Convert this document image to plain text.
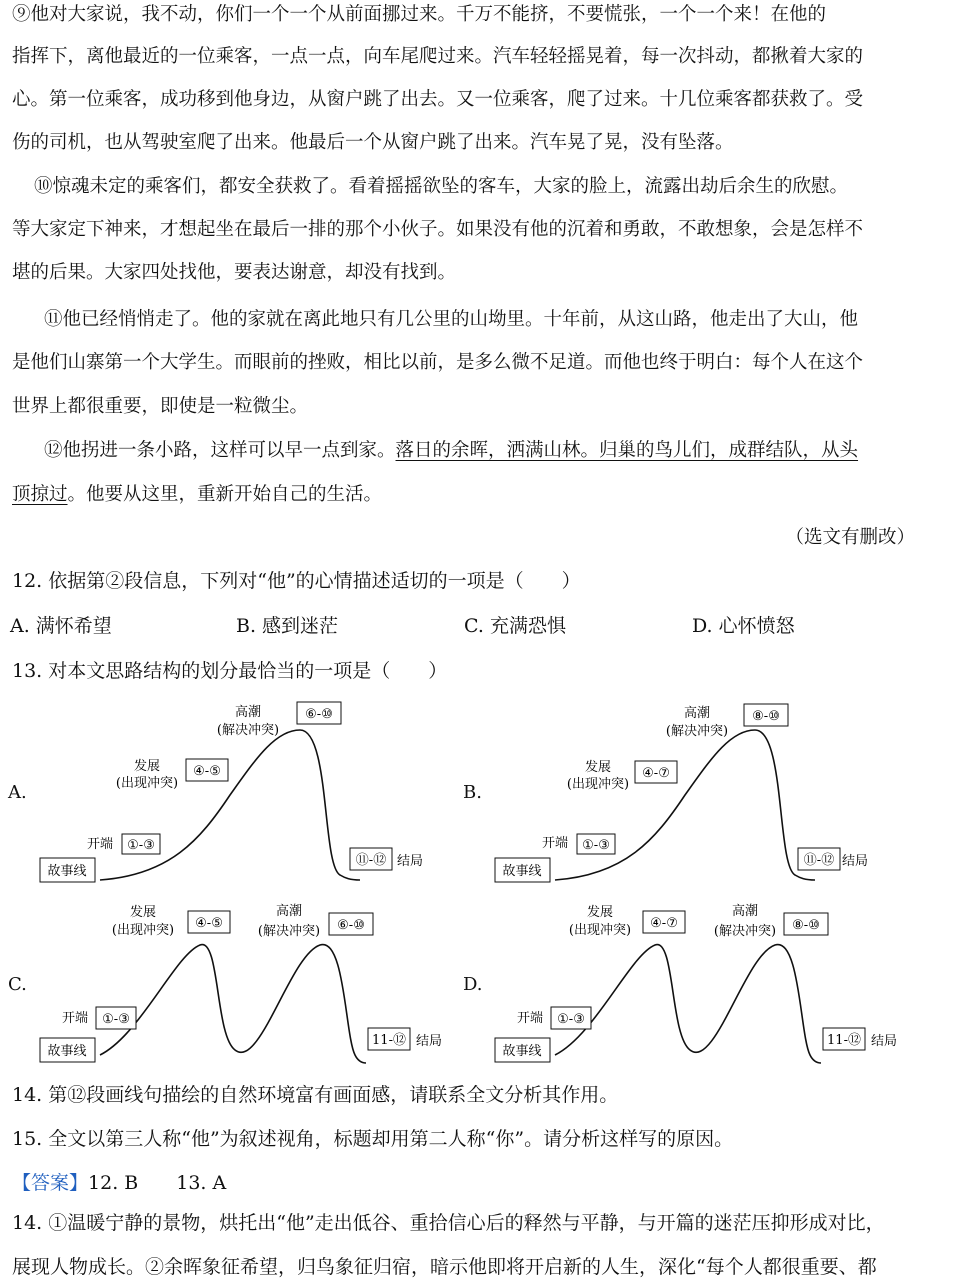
⑨他对大家说，我不动，你们一个一个从前面挪过来。千万不能挤，不要慌张，一个一个来！在他的
指挥下，离他最近的一位乘客，一点一点，向车尾爬过来。汽车轻轻摇晃着，每一次抖动，都揪着大家的
心。第一位乘客，成功移到他身边，从窗户跳了出去。又一位乘客，爬了过来。十几位乘客都获救了。受
伤的司机，也从驾驶室爬了出来。他最后一个从窗户跳了出来。汽车晃了晃，没有坠落。
⑩惊魂未定的乘客们，都安全获救了。看着摇摇欲坠的客车，大家的脸上，流露出劫后余生的欣慰。
等大家定下神来，才想起坐在最后一排的那个小伙子。如果没有他的沉着和勇敢，不敢想象，会是怎样不
堪的后果。大家四处找他，要表达谢意，却没有找到。
⑪他已经悄悄走了。他的家就在离此地只有几公里的山坳里。十年前，从这山路，他走出了大山，他
是他们山寨第一个大学生。而眼前的挫败，相比以前，是多么微不足道。而他也终于明白：每个人在这个
世界上都很重要，即使是一粒微尘。
⑫他拐进一条小路，这样可以早一点到家。落日的余晖，洒满山林。归巢的鸟儿们，成群结队，从头
顶掠过。他要从这里，重新开始自己的生活。
（选文有删改）
12. 依据第②段信息，下列对“他”的心情描述适切的一项是（　　）
A. 满怀希望	B. 感到迷茫	C. 充满恐惧	D. 心怀愤怒
13. 对本文思路结构的划分最恰当的一项是（　　）
A.	B.
C.	D.
故事线
开端 ①-③
发展
(出现冲突)
④-⑤
高潮
(解决冲突)
⑥-⑩
⑪-⑫ 结局
故事线
开端 ①-③
发展
(出现冲突)
④-⑦
高潮
(解决冲突)
⑧-⑩
⑪-⑫ 结局
故事线
开端 ①-③
发展
(出现冲突) ④-⑤
高潮
(解决冲突) ⑥-⑩
11-⑫ 结局
故事线
开端 ①-③
发展
(出现冲突) ④-⑦
高潮
(解决冲突) ⑧-⑩
11-⑫ 结局
14. 第⑫段画线句描绘的自然环境富有画面感，请联系全文分析其作用。
15. 全文以第三人称“他”为叙述视角，标题却用第二人称“你”。请分析这样写的原因。
【答案】12. B　　13. A
14. ①温暖宁静的景物，烘托出“他”走出低谷、重拾信心后的释然与平静，与开篇的迷茫压抑形成对比，
展现人物成长。②余晖象征希望，归鸟象征归宿，暗示他即将开启新的人生，深化“每个人都很重要、都
